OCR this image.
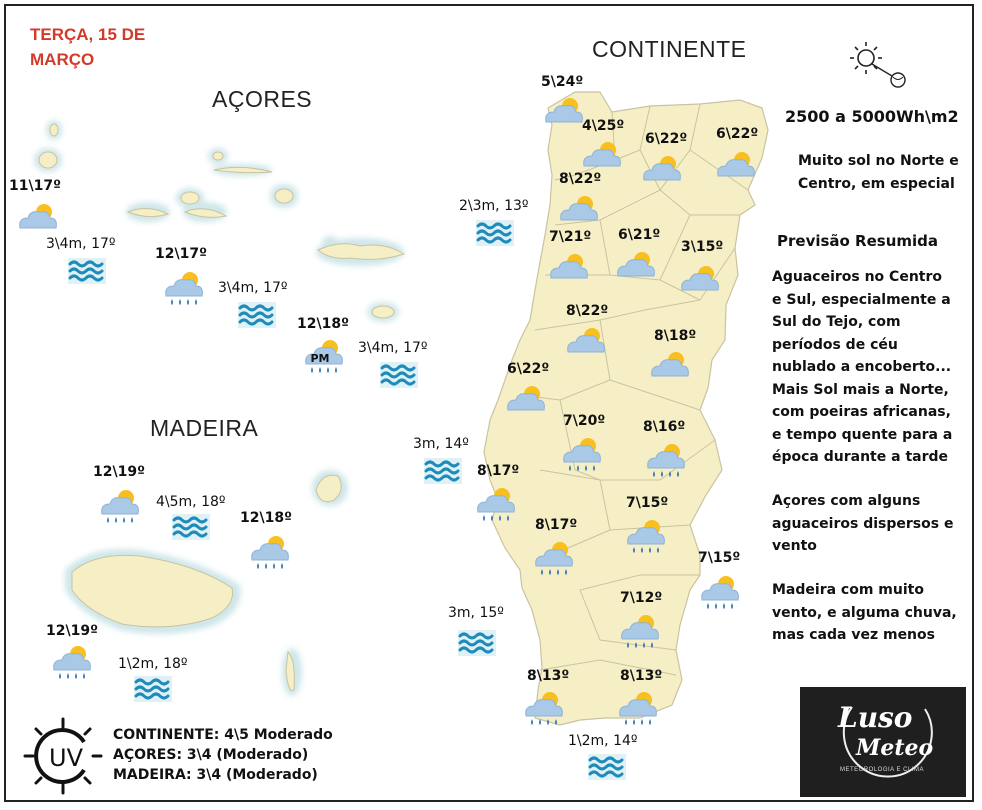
TERÇA, 15 DE
MARÇO	CONTINENTE
AÇORES
MADEIRA
2500 a 5000Wh\m2
Muito sol no Norte e
Centro, em especial
Previsão Resumida
Aguaceiros no Centro
e Sul, especialmente a
Sul do Tejo, com
períodos de céu
nublado a encoberto...
Mais Sol mais a Norte,
com poeiras africanas,
e tempo quente para a
época durante a tarde
Açores com alguns
aguaceiros dispersos e
vento
Madeira com muito
vento, e alguma chuva,
mas cada vez menos
UV
CONTINENTE: 4\5 Moderado
AÇORES: 3\4 (Moderado)
MADEIRA: 3\4 (Moderado)
Luso
Meteo
METEOROLOGIA E CLIMA
5\24º
4\25º
6\22º 6\22º
8\22º
7\21º 6\21º
3\15º
8\22º
8\18º
6\22º
7\20º	8\16º
8\17º
7\15º
8\17º
7\15º
7\12º
8\13º	8\13º
11\17º
12\17º
12\18º
PM
12\19º
12\18º
12\19º
2\3m, 13º
3m, 14º
3m, 15º
1\2m, 14º
3\4m, 17º
3\4m, 17º
3\4m, 17º
4\5m, 18º
1\2m, 18º
